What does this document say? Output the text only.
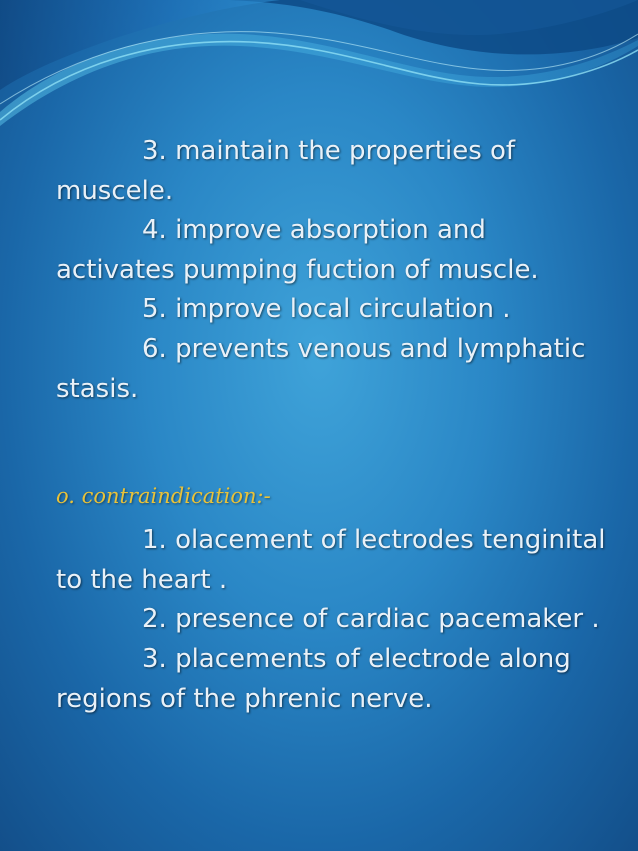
3. maintain the properties of

muscele.

4. improve absorption and

activates pumping fuction of muscle.

5. improve local circulation .

6. prevents venous and lymphatic

stasis.

o. contraindication:-

1. olacement of lectrodes tenginital

to the heart .

2. presence of cardiac pacemaker .

3. placements of electrode along

regions of the phrenic nerve.
